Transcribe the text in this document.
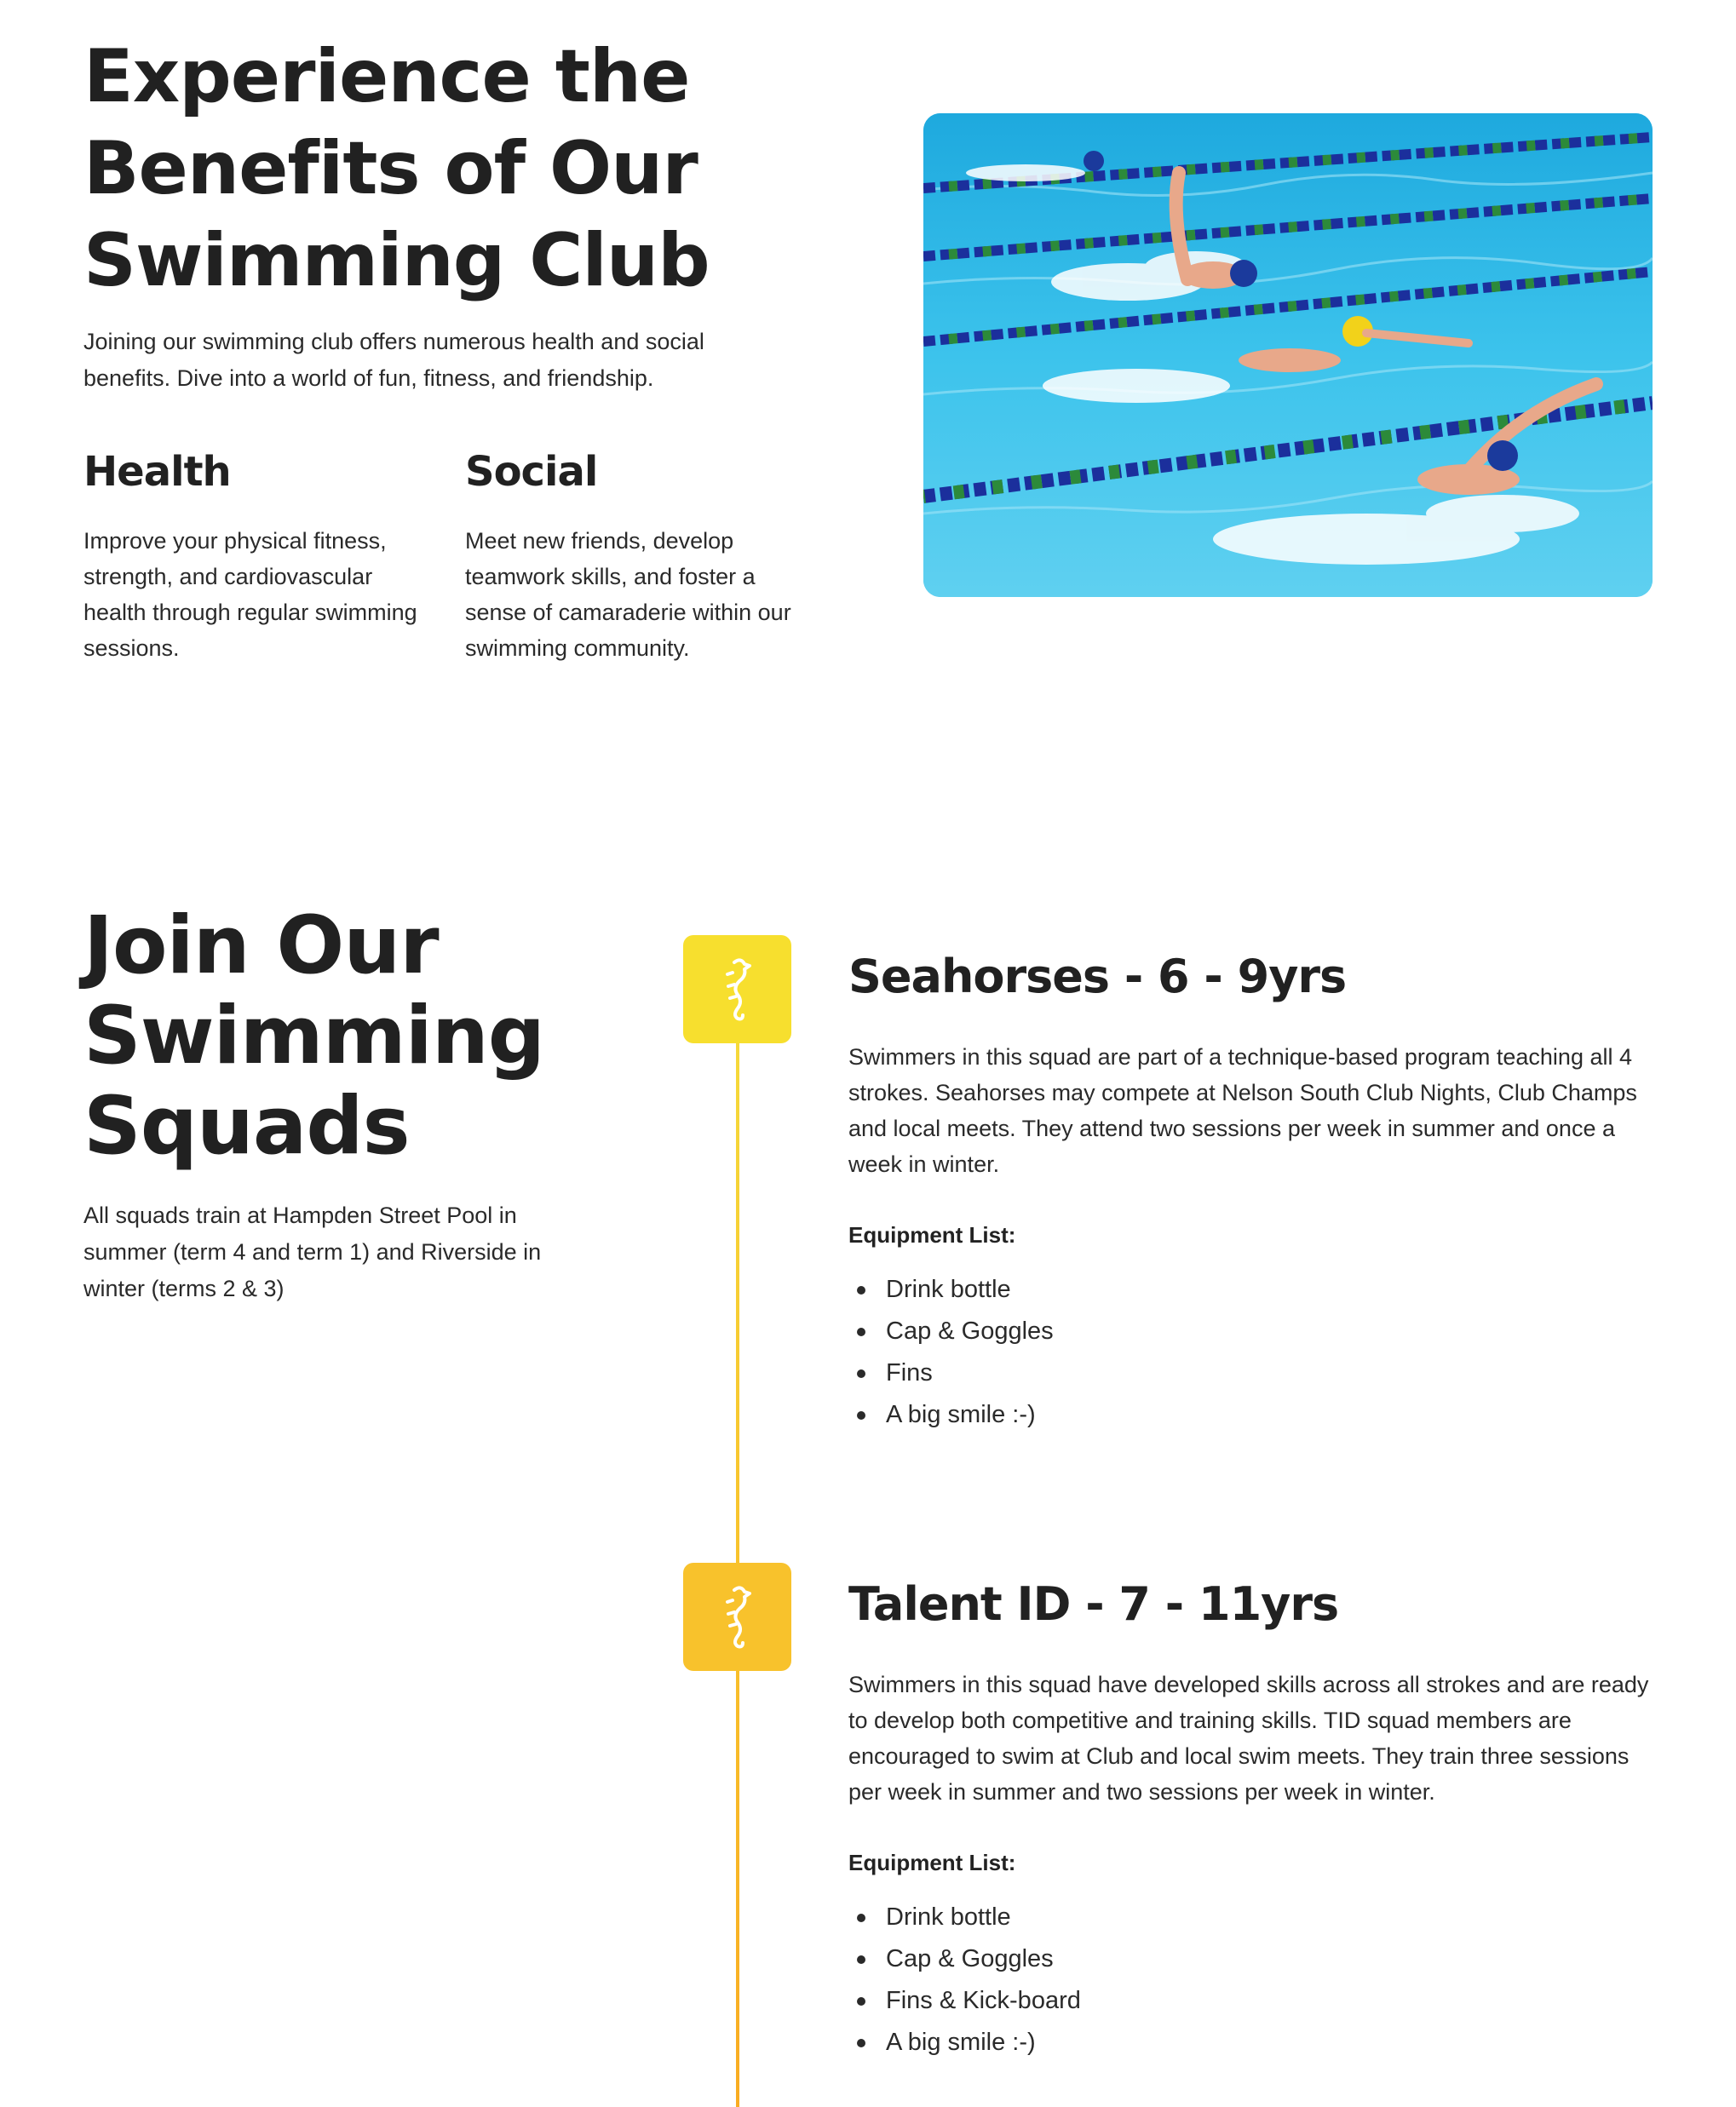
Experience the Benefits of Our Swimming Club

Joining our swimming club offers numerous health and social benefits. Dive into a world of fun, fitness, and friendship.

Health

Improve your physical fitness, strength, and cardiovascular health through regular swimming sessions.

Social

Meet new friends, develop teamwork skills, and foster a sense of camaraderie within our swimming community.

Join Our Swimming Squads

All squads train at Hampden Street Pool in summer (term 4 and term 1) and Riverside in winter (terms 2 & 3)

Seahorses - 6 - 9yrs

Swimmers in this squad are part of a technique-based program teaching all 4 strokes. Seahorses may compete at Nelson South Club Nights, Club Champs and local meets. They attend two sessions per week in summer and once a week in winter.

Equipment List:

Drink bottle
Cap & Goggles
Fins
A big smile :-)
Talent ID - 7 - 11yrs

Swimmers in this squad have developed skills across all strokes and are ready to develop both competitive and training skills. TID squad members are encouraged to swim at Club and local swim meets. They train three sessions per week in summer and two sessions per week in winter.

Equipment List:

Drink bottle
Cap & Goggles
Fins & Kick-board
A big smile :-)
